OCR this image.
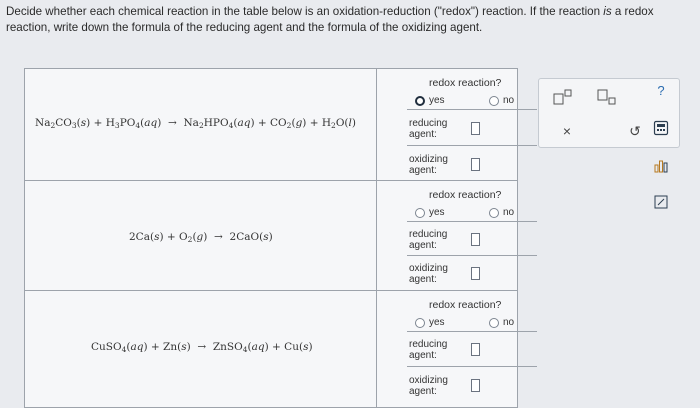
Decide whether each chemical reaction in the table below is an oxidation-reduction ("redox") reaction. If the reaction is a redox reaction, write down the formula of the reducing agent and the formula of the oxidizing agent.
$Na_2CO_3(s) + H_3PO_4(aq) \to Na_2HPO_4(aq) + CO_2(g) + H_2O(l)$
redox reaction?
yes	no
reducing agent:
oxidizing agent:
$2Ca(s) + O_2(g) \to 2CaO(s)$
redox reaction?
yes	no
reducing agent:
oxidizing agent:
CuSO$_4$(aq) + Zn(s)  →  ZnSO$_4$(aq) + Cu(s)
redox reaction?
yes	no
reducing agent:
oxidizing agent:
×	↺
?
